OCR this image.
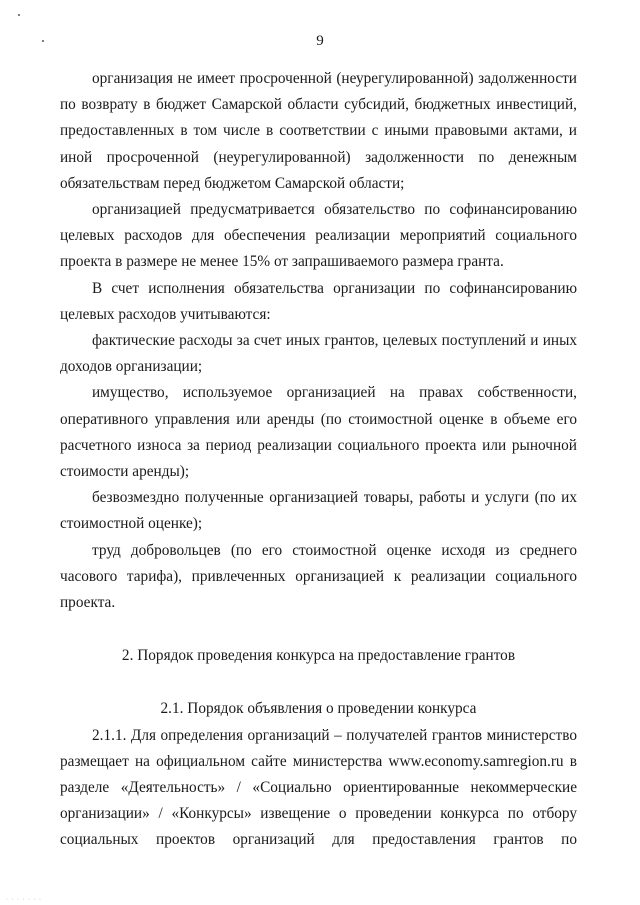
9

организация не имеет просроченной (неурегулированной) задолженности по возврату в бюджет Самарской области субсидий, бюджетных инвестиций, предоставленных в том числе в соответствии с иными правовыми актами, и иной просроченной (неурегулированной) задолженности по денежным обязательствам перед бюджетом Самарской области;

организацией предусматривается обязательство по софинансированию целевых расходов для обеспечения реализации мероприятий социального проекта в размере не менее 15% от запрашиваемого размера гранта.

В счет исполнения обязательства организации по софинансированию целевых расходов учитываются:

фактические расходы за счет иных грантов, целевых поступлений и иных доходов организации;

имущество, используемое организацией на правах собственности, оперативного управления или аренды (по стоимостной оценке в объеме его расчетного износа за период реализации социального проекта или рыночной стоимости аренды);

безвозмездно полученные организацией товары, работы и услуги (по их стоимостной оценке);

труд добровольцев (по его стоимостной оценке исходя из среднего часового тарифа), привлеченных организацией к реализации социального проекта.

2. Порядок проведения конкурса на предоставление грантов

2.1. Порядок объявления о проведении конкурса

2.1.1. Для определения организаций – получателей грантов министерство размещает на официальном сайте министерства www.economy.samregion.ru в разделе «Деятельность» / «Социально ориентированные некоммерческие организации» / «Конкурсы» извещение о проведении конкурса по отбору социальных проектов организаций для предоставления грантов по

· · · · · · ·
